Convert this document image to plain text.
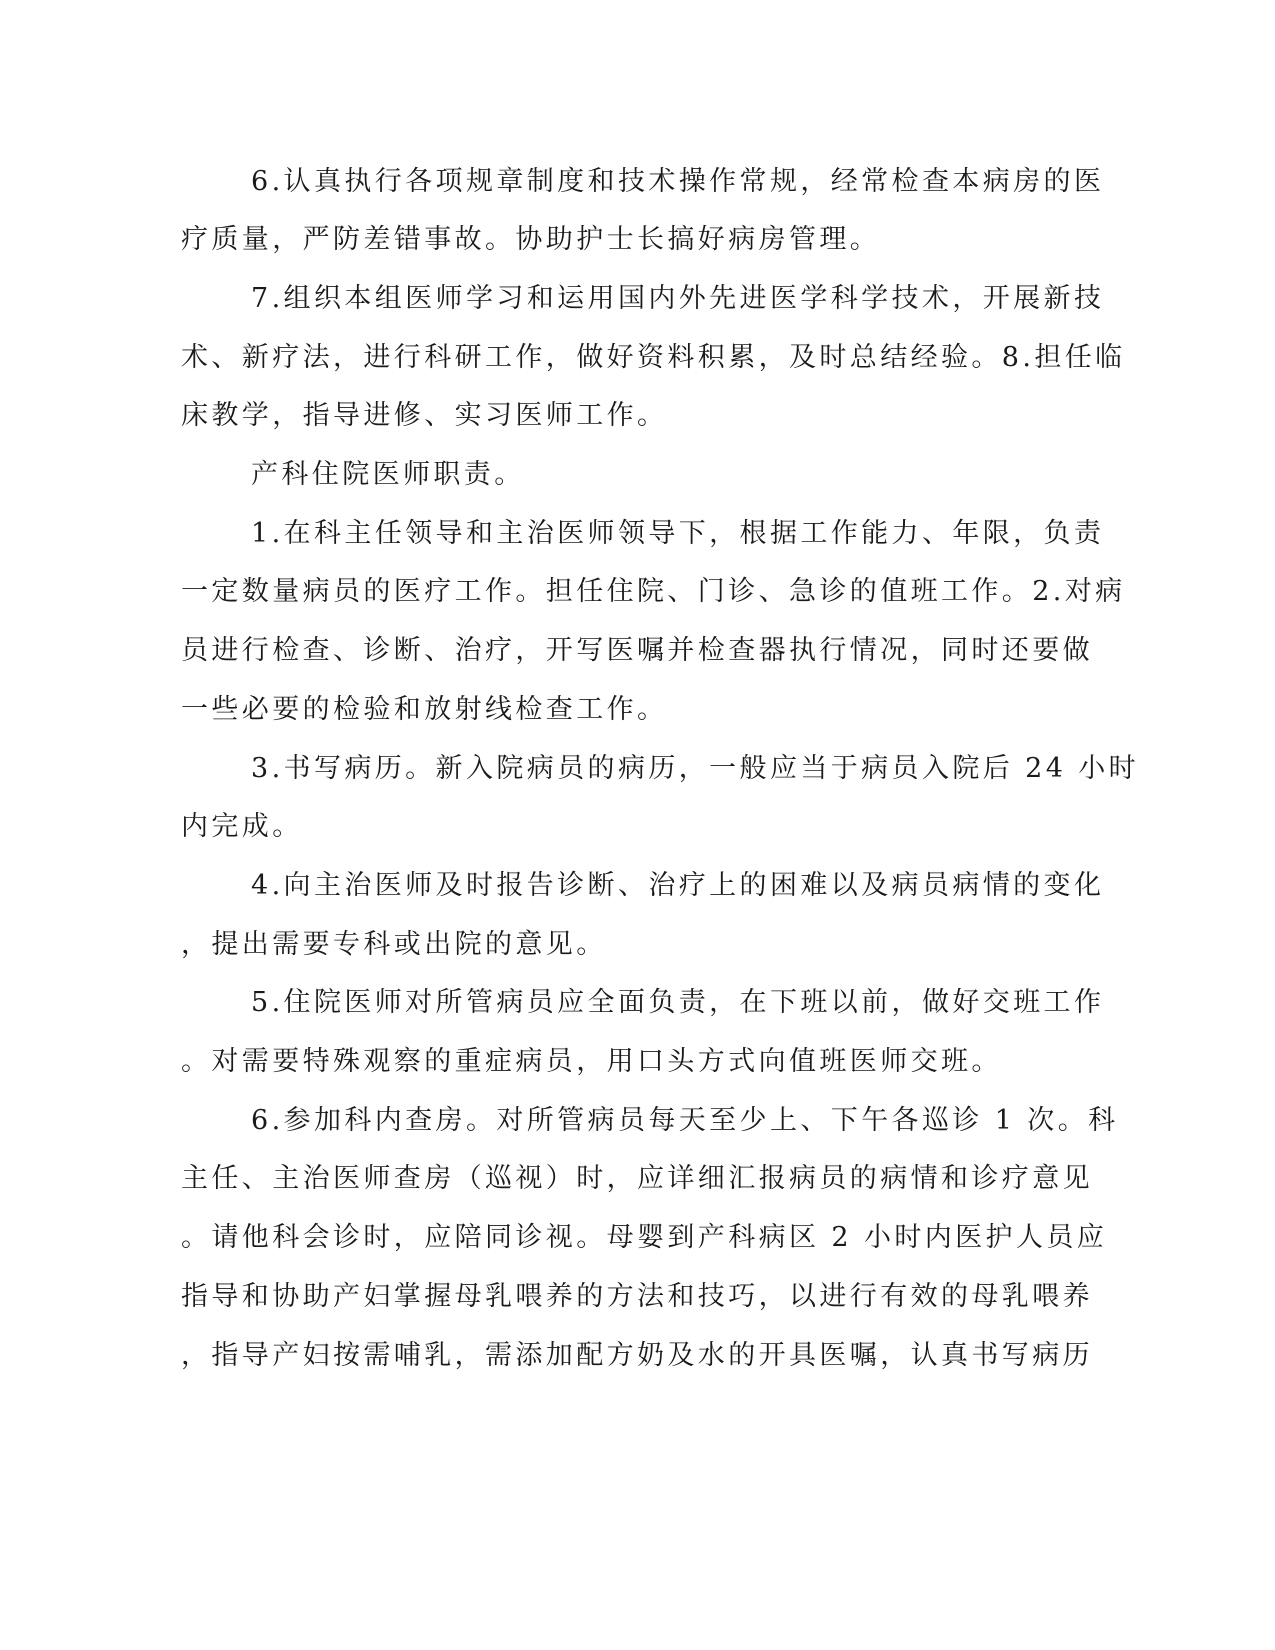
6.认真执行各项规章制度和技术操作常规，经常检查本病房的医

疗质量，严防差错事故。协助护士长搞好病房管理。

7.组织本组医师学习和运用国内外先进医学科学技术，开展新技

术、新疗法，进行科研工作，做好资料积累，及时总结经验。8.担任临

床教学，指导进修、实习医师工作。

产科住院医师职责。

1.在科主任领导和主治医师领导下，根据工作能力、年限，负责

一定数量病员的医疗工作。担任住院、门诊、急诊的值班工作。2.对病

员进行检查、诊断、治疗，开写医嘱并检查器执行情况，同时还要做

一些必要的检验和放射线检查工作。

3.书写病历。新入院病员的病历，一般应当于病员入院后 24 小时

内完成。

4.向主治医师及时报告诊断、治疗上的困难以及病员病情的变化

，提出需要专科或出院的意见。

5.住院医师对所管病员应全面负责，在下班以前，做好交班工作

。对需要特殊观察的重症病员，用口头方式向值班医师交班。

6.参加科内查房。对所管病员每天至少上、下午各巡诊 1 次。科

主任、主治医师查房（巡视）时，应详细汇报病员的病情和诊疗意见

。请他科会诊时，应陪同诊视。母婴到产科病区 2 小时内医护人员应

指导和协助产妇掌握母乳喂养的方法和技巧，以进行有效的母乳喂养

，指导产妇按需哺乳，需添加配方奶及水的开具医嘱，认真书写病历
